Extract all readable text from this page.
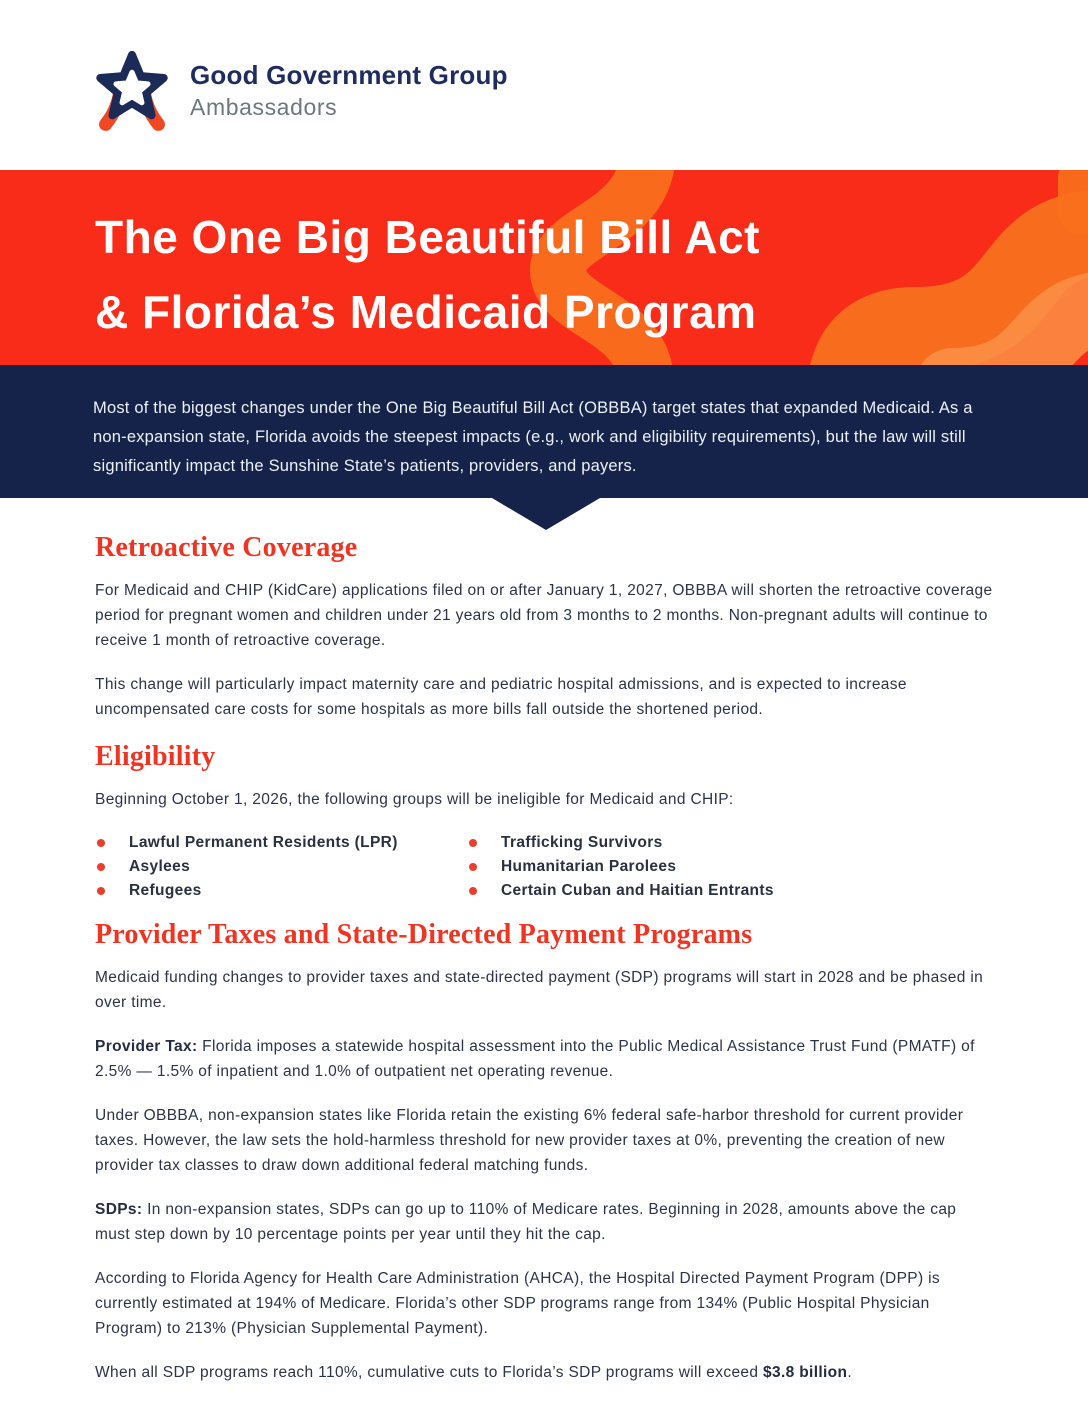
Good Government Group
Ambassadors
The One Big Beautiful Bill Act
& Florida’s Medicaid Program

Most of the biggest changes under the One Big Beautiful Bill Act (OBBBA) target states that expanded Medicaid. As a non-expansion state, Florida avoids the steepest impacts (e.g., work and eligibility requirements), but the law will still significantly impact the Sunshine State’s patients, providers, and payers.

Retroactive Coverage

For Medicaid and CHIP (KidCare) applications filed on or after January 1, 2027, OBBBA will shorten the retroactive coverage period for pregnant women and children under 21 years old from 3 months to 2 months. Non-pregnant adults will continue to receive 1 month of retroactive coverage.

This change will particularly impact maternity care and pediatric hospital admissions, and is expected to increase uncompensated care costs for some hospitals as more bills fall outside the shortened period.

Eligibility

Beginning October 1, 2026, the following groups will be ineligible for Medicaid and CHIP:

Lawful Permanent Residents (LPR)
Asylees
Refugees
Trafficking Survivors
Humanitarian Parolees
Certain Cuban and Haitian Entrants
Provider Taxes and State-Directed Payment Programs

Medicaid funding changes to provider taxes and state-directed payment (SDP) programs will start in 2028 and be phased in over time.

Provider Tax: Florida imposes a statewide hospital assessment into the Public Medical Assistance Trust Fund (PMATF) of 2.5% — 1.5% of inpatient and 1.0% of outpatient net operating revenue.

Under OBBBA, non-expansion states like Florida retain the existing 6% federal safe-harbor threshold for current provider taxes. However, the law sets the hold-harmless threshold for new provider taxes at 0%, preventing the creation of new provider tax classes to draw down additional federal matching funds.

SDPs: In non-expansion states, SDPs can go up to 110% of Medicare rates. Beginning in 2028, amounts above the cap must step down by 10 percentage points per year until they hit the cap.

According to Florida Agency for Health Care Administration (AHCA), the Hospital Directed Payment Program (DPP) is currently estimated at 194% of Medicare. Florida’s other SDP programs range from 134% (Public Hospital Physician Program) to 213% (Physician Supplemental Payment).

When all SDP programs reach 110%, cumulative cuts to Florida’s SDP programs will exceed $3.8 billion.
